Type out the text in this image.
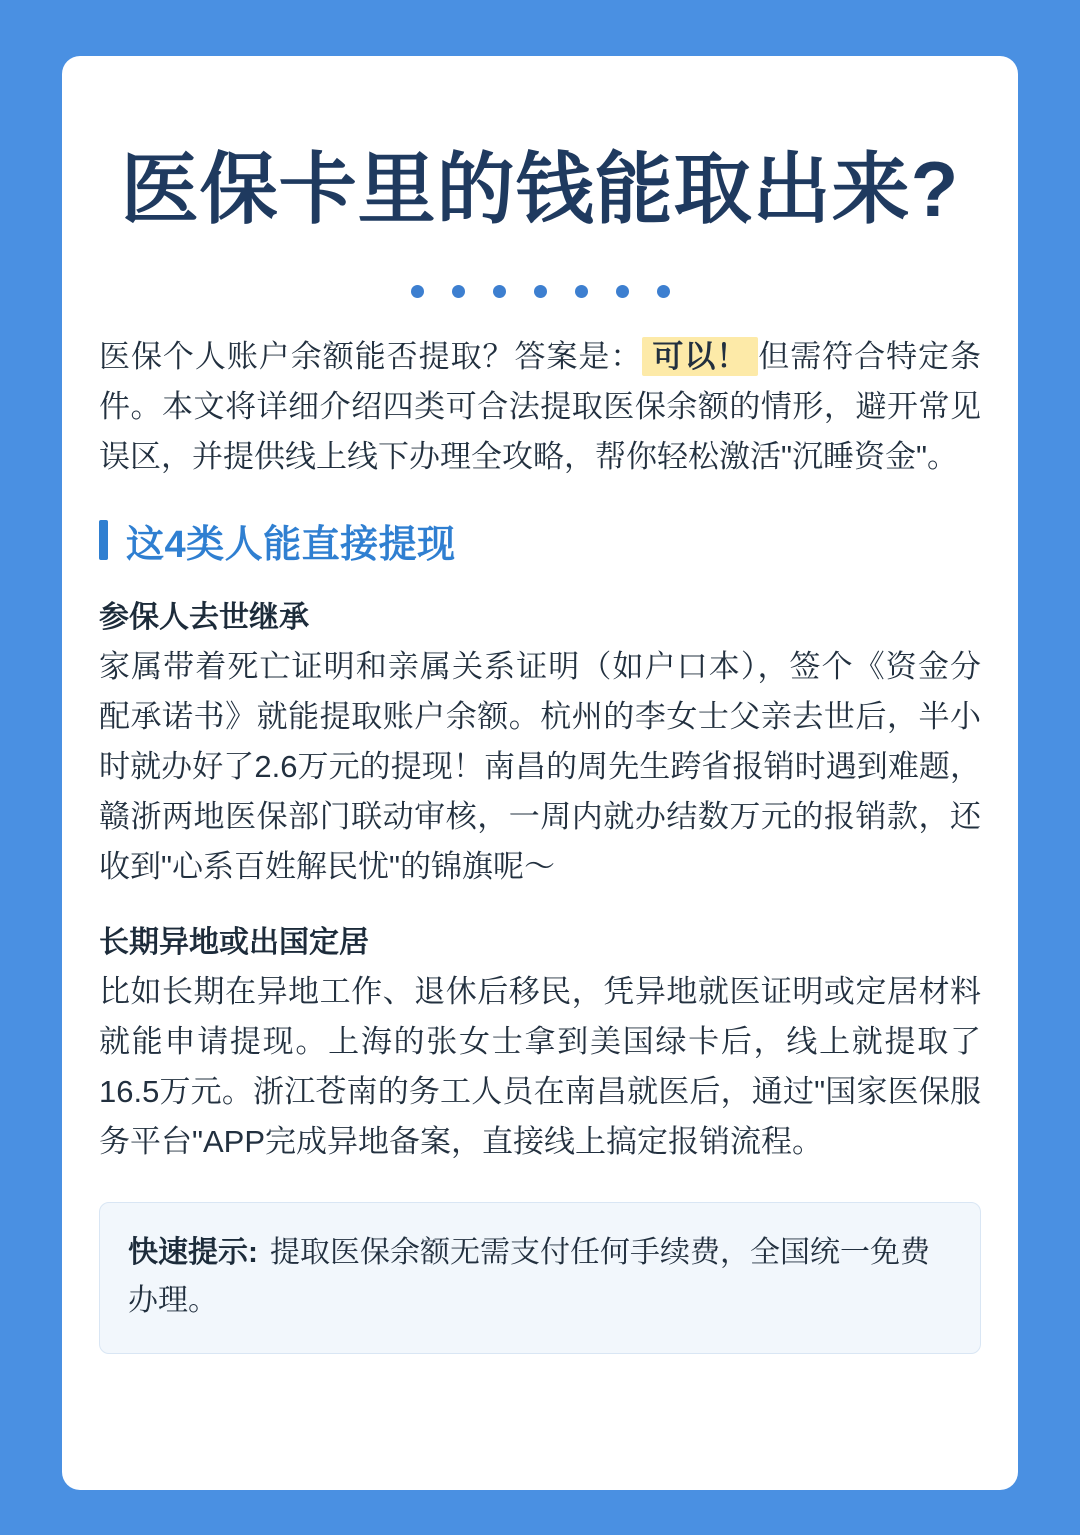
医保卡里的钱能取出来?

医保个人账户余额能否提取？答案是： 可以！ 但需符合特定条件。本文将详细介绍四类可合法提取医保余额的情形，避开常见误区，并提供线上线下办理全攻略，帮你轻松激活"沉睡资金"。

这4类人能直接提现
参保人去世继承

家属带着死亡证明和亲属关系证明（如户口本），签个《资金分配承诺书》就能提取账户余额。杭州的李女士父亲去世后，半小时就办好了2.6万元的提现！南昌的周先生跨省报销时遇到难题，赣浙两地医保部门联动审核，一周内就办结数万元的报销款，还收到"心系百姓解民忧"的锦旗呢～

长期异地或出国定居

比如长期在异地工作、退休后移民，凭异地就医证明或定居材料就能申请提现。上海的张女士拿到美国绿卡后，线上就提取了16.5万元。浙江苍南的务工人员在南昌就医后，通过"国家医保服务平台"APP完成异地备案，直接线上搞定报销流程。

快速提示: 提取医保余额无需支付任何手续费，全国统一免费办理。
